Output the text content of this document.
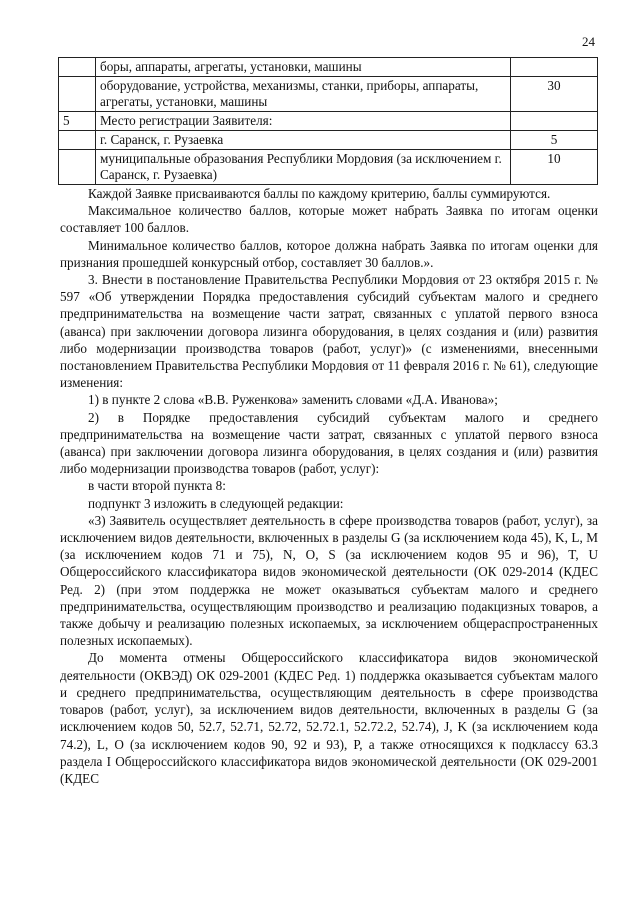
24
	боры, аппараты, агрегаты, установки, машины	
	оборудование, устройства, механизмы, станки, приборы, аппараты, агрегаты, установки, машины	30
5	Место регистрации Заявителя:	
	г. Саранск, г. Рузаевка	5
	муниципальные образования Республики Мордовия (за исключением г. Саранск, г. Рузаевка)	10

Каждой Заявке присваиваются баллы по каждому критерию, баллы суммируются.

Максимальное количество баллов, которые может набрать Заявка по итогам оценки составляет 100 баллов.

Минимальное количество баллов, которое должна набрать Заявка по итогам оценки для признания прошедшей конкурсный отбор, составляет 30 баллов.».

3. Внести в постановление Правительства Республики Мордовия от 23 октября 2015 г. № 597 «Об утверждении Порядка предоставления субсидий субъектам малого и среднего предпринимательства на возмещение части затрат, связанных с уплатой первого взноса (аванса) при заключении договора лизинга оборудования, в целях создания и (или) развития либо модернизации производства товаров (работ, услуг)» (с изменениями, внесенными постановлением Правительства Республики Мордовия от 11 февраля 2016 г. № 61), следующие изменения:

1) в пункте 2 слова «В.В. Руженкова» заменить словами «Д.А. Иванова»;

2) в Порядке предоставления субсидий субъектам малого и среднего предпринимательства на возмещение части затрат, связанных с уплатой первого взноса (аванса) при заключении договора лизинга оборудования, в целях создания и (или) развития либо модернизации производства товаров (работ, услуг):

в части второй пункта 8:

подпункт 3 изложить в следующей редакции:

«3) Заявитель осуществляет деятельность в сфере производства товаров (работ, услуг), за исключением видов деятельности, включенных в разделы G (за исключением кода 45), K, L, M (за исключением кодов 71 и 75), N, O, S (за исключением кодов 95 и 96), T, U Общероссийского классификатора видов экономической деятельности (ОК 029-2014 (КДЕС Ред. 2) (при этом поддержка не может оказываться субъектам малого и среднего предпринимательства, осуществляющим производство и реализацию подакцизных товаров, а также добычу и реализацию полезных ископаемых, за исключением общераспространенных полезных ископаемых).

До момента отмены Общероссийского классификатора видов экономической деятельности (ОКВЭД) ОК 029-2001 (КДЕС Ред. 1) поддержка оказывается субъектам малого и среднего предпринимательства, осуществляющим деятельность в сфере производства товаров (работ, услуг), за исключением видов деятельности, включенных в разделы G (за исключением кодов 50, 52.7, 52.71, 52.72, 52.72.1, 52.72.2, 52.74), J, K (за исключением кода 74.2), L, O (за исключением кодов 90, 92 и 93), P, а также относящихся к подклассу 63.3 раздела I Общероссийского классификатора видов экономической деятельности (ОК 029-2001 (КДЕС
